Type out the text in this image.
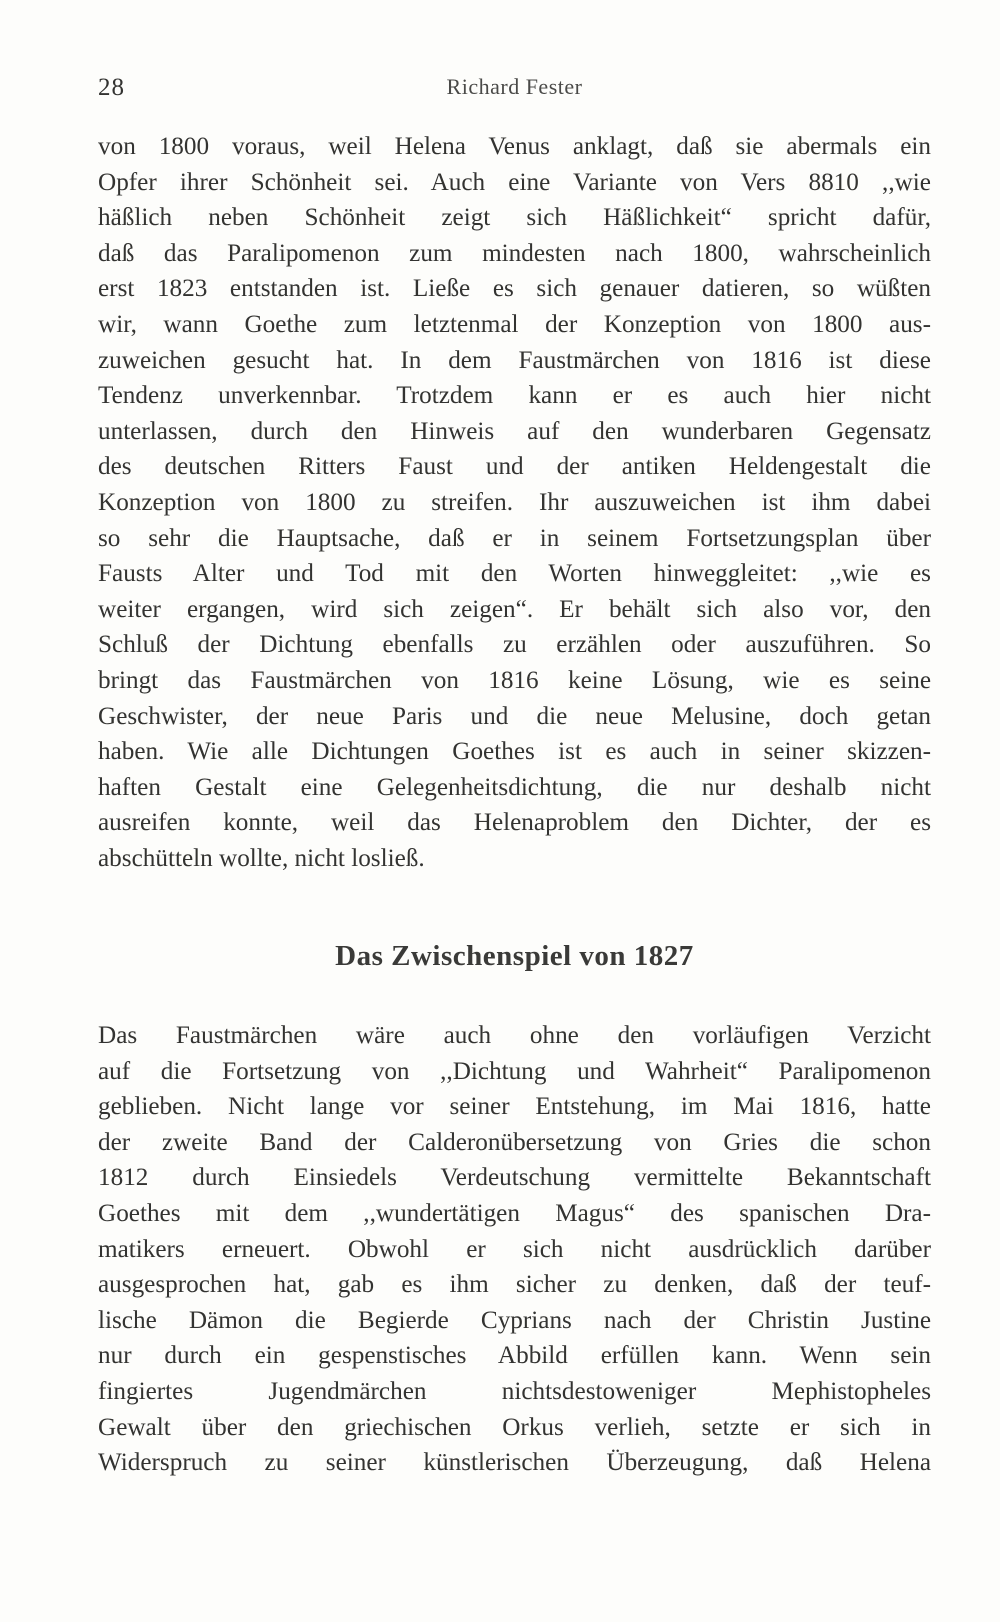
28	Richard Fester
von 1800 voraus, weil Helena Venus anklagt, daß sie abermals ein
Opfer ihrer Schönheit sei. Auch eine Variante von Vers 8810 ,,wie
häßlich neben Schönheit zeigt sich Häßlichkeit“ spricht dafür,
daß das Paralipomenon zum mindesten nach 1800, wahrscheinlich
erst 1823 entstanden ist. Ließe es sich genauer datieren, so wüßten
wir, wann Goethe zum letztenmal der Konzeption von 1800 aus-
zuweichen gesucht hat. In dem Faustmärchen von 1816 ist diese
Tendenz unverkennbar. Trotzdem kann er es auch hier nicht
unterlassen, durch den Hinweis auf den wunderbaren Gegensatz
des deutschen Ritters Faust und der antiken Heldengestalt die
Konzeption von 1800 zu streifen. Ihr auszuweichen ist ihm dabei
so sehr die Hauptsache, daß er in seinem Fortsetzungsplan über
Fausts Alter und Tod mit den Worten hinweggleitet: ,,wie es
weiter ergangen, wird sich zeigen“. Er behält sich also vor, den
Schluß der Dichtung ebenfalls zu erzählen oder auszuführen. So
bringt das Faustmärchen von 1816 keine Lösung, wie es seine
Geschwister, der neue Paris und die neue Melusine, doch getan
haben. Wie alle Dichtungen Goethes ist es auch in seiner skizzen-
haften Gestalt eine Gelegenheitsdichtung, die nur deshalb nicht
ausreifen konnte, weil das Helenaproblem den Dichter, der es
abschütteln wollte, nicht losließ.
Das Zwischenspiel von 1827
Das Faustmärchen wäre auch ohne den vorläufigen Verzicht
auf die Fortsetzung von ,,Dichtung und Wahrheit“ Paralipomenon
geblieben. Nicht lange vor seiner Entstehung, im Mai 1816, hatte
der zweite Band der Calderonübersetzung von Gries die schon
1812 durch Einsiedels Verdeutschung vermittelte Bekanntschaft
Goethes mit dem ,,wundertätigen Magus“ des spanischen Dra-
matikers erneuert. Obwohl er sich nicht ausdrücklich darüber
ausgesprochen hat, gab es ihm sicher zu denken, daß der teuf-
lische Dämon die Begierde Cyprians nach der Christin Justine
nur durch ein gespenstisches Abbild erfüllen kann. Wenn sein
fingiertes Jugendmärchen nichtsdestoweniger Mephistopheles
Gewalt über den griechischen Orkus verlieh, setzte er sich in
Widerspruch zu seiner künstlerischen Überzeugung, daß Helena
